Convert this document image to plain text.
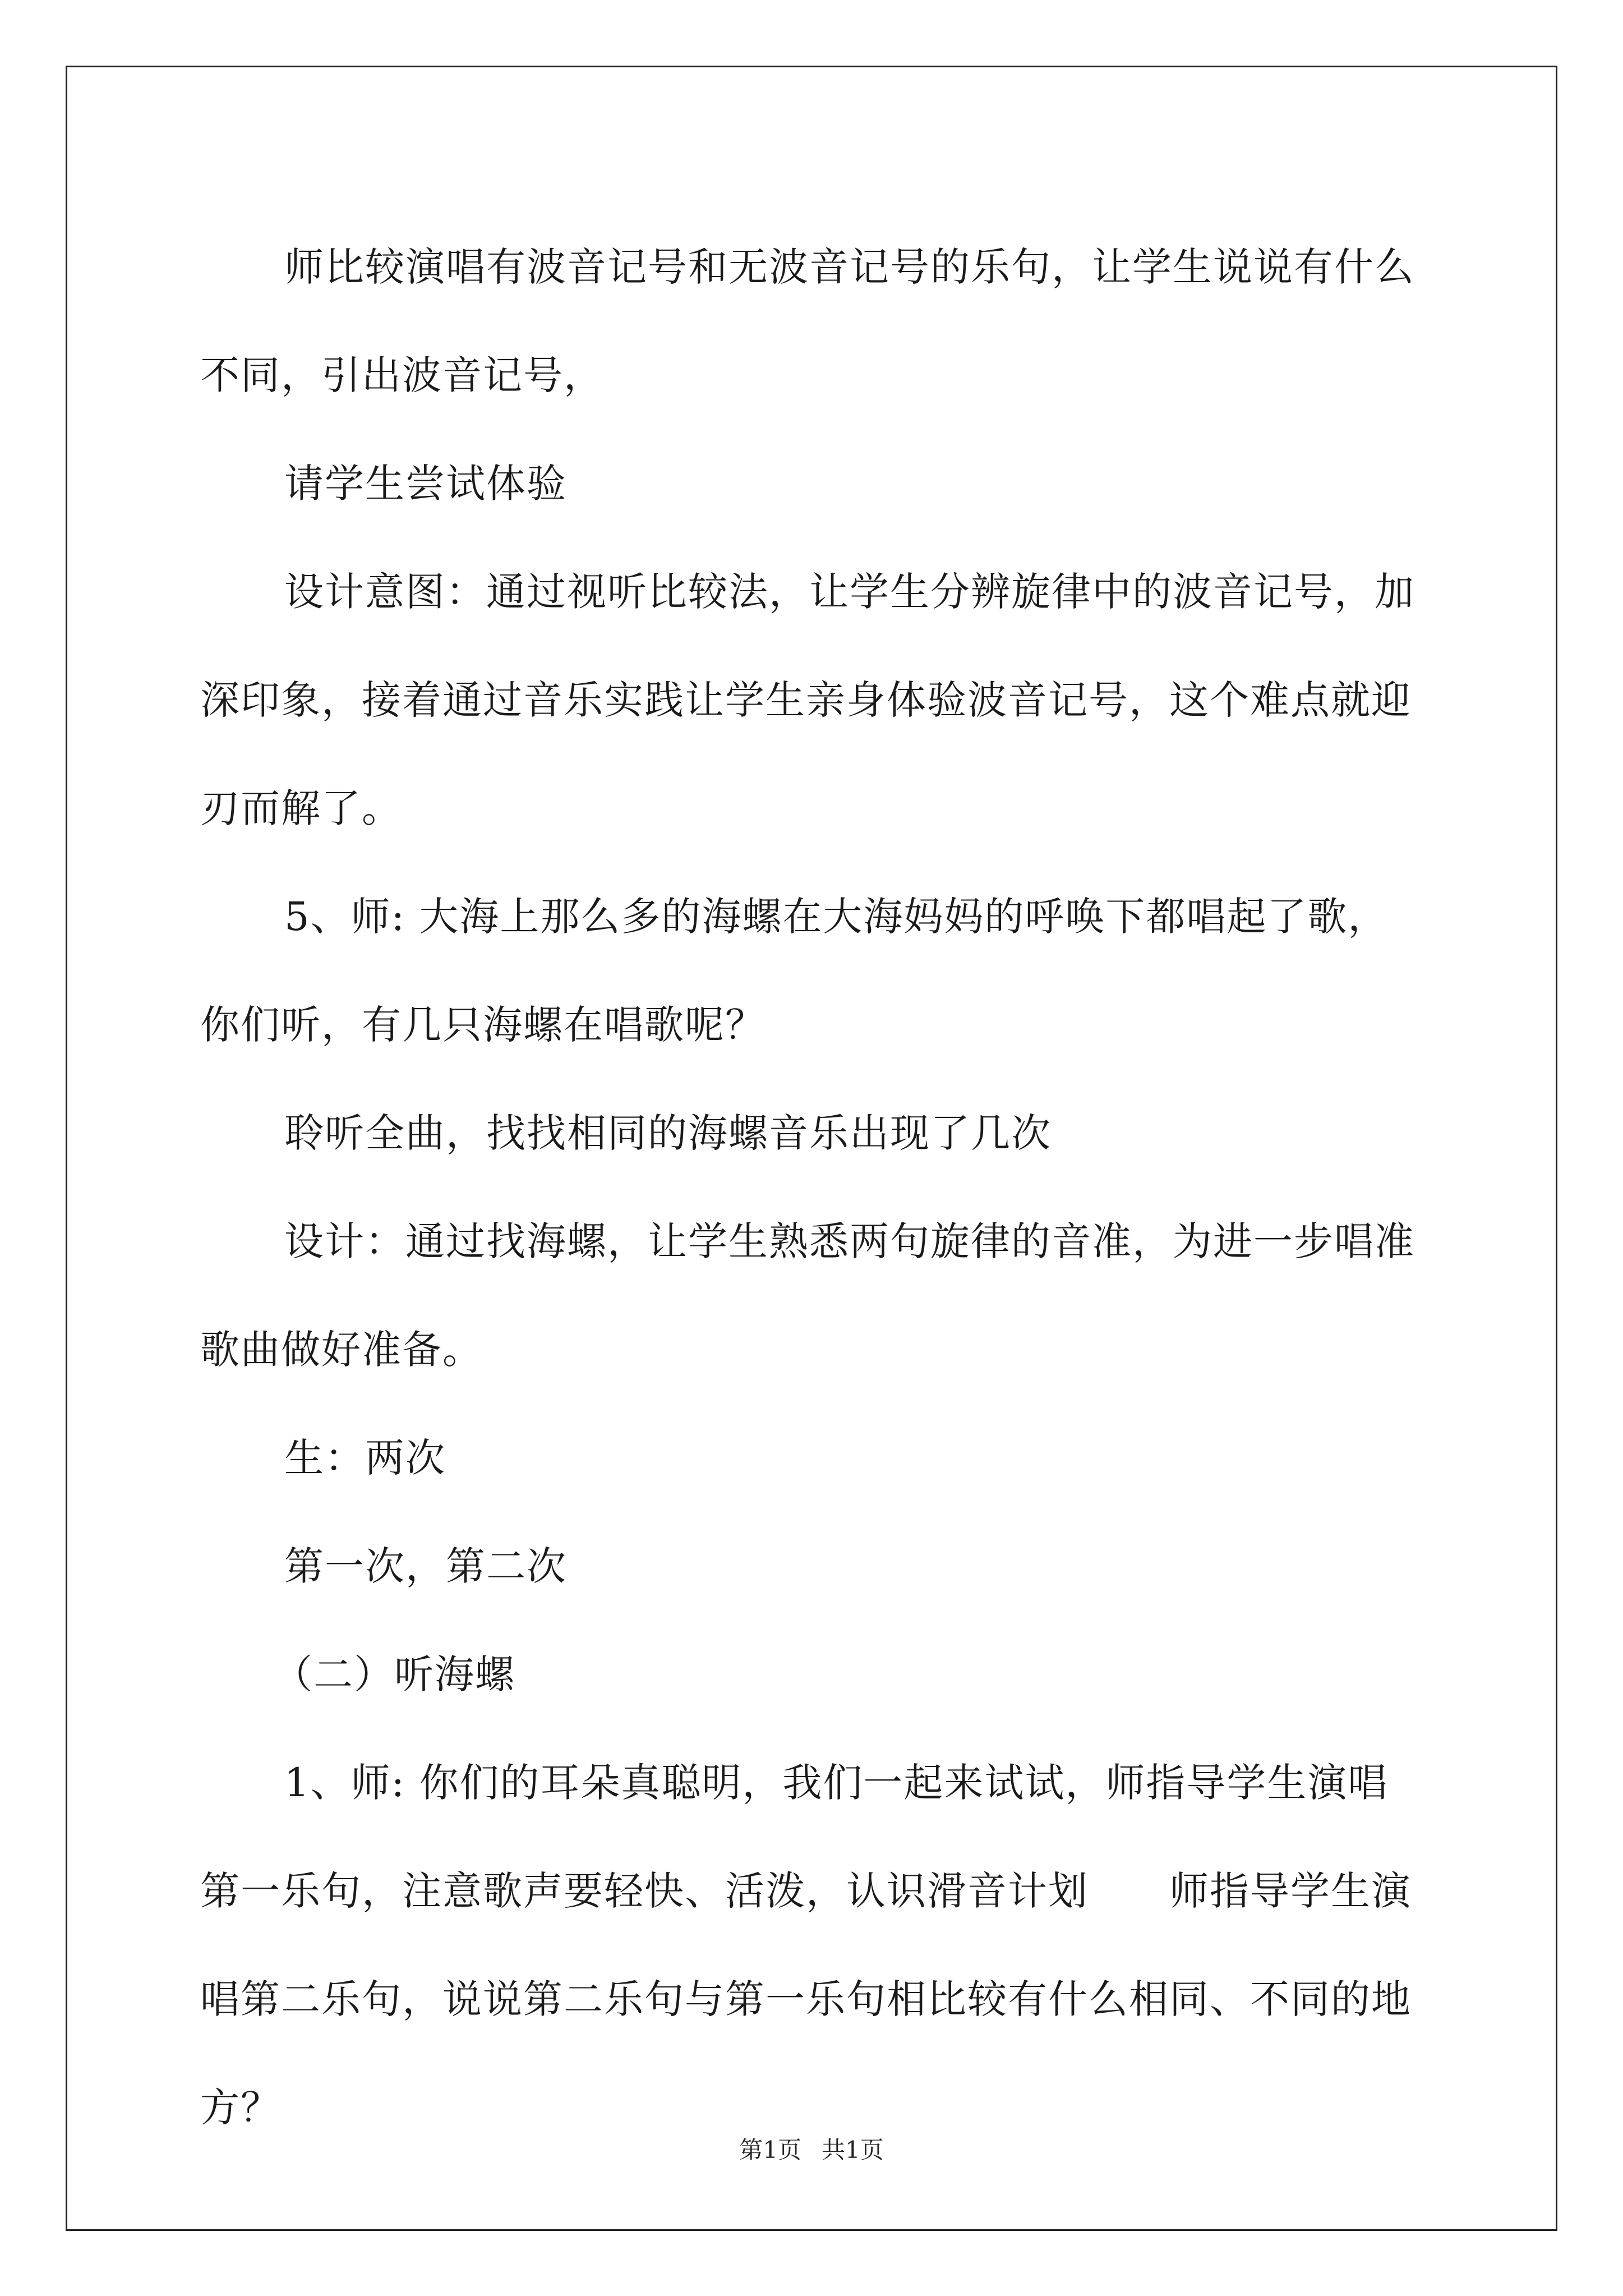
师比较演唱有波音记号和无波音记号的乐句，让学生说说有什么不同，引出波音记号，

请学生尝试体验

设计意图：通过视听比较法，让学生分辨旋律中的波音记号，加深印象，接着通过音乐实践让学生亲身体验波音记号，这个难点就迎刃而解了。

5、师: 大海上那么多的海螺在大海妈妈的呼唤下都唱起了歌，你们听，有几只海螺在唱歌呢？

聆听全曲，找找相同的海螺音乐出现了几次

设计：通过找海螺，让学生熟悉两句旋律的音准，为进一步唱准歌曲做好准备。

生：两次

第一次，第二次

（二）听海螺

1、师: 你们的耳朵真聪明，我们一起来试试，师指导学生演唱第一乐句，注意歌声要轻快、活泼，认识滑音计划　　师指导学生演唱第二乐句，说说第二乐句与第一乐句相比较有什么相同、不同的地方？

第1页 共1页
